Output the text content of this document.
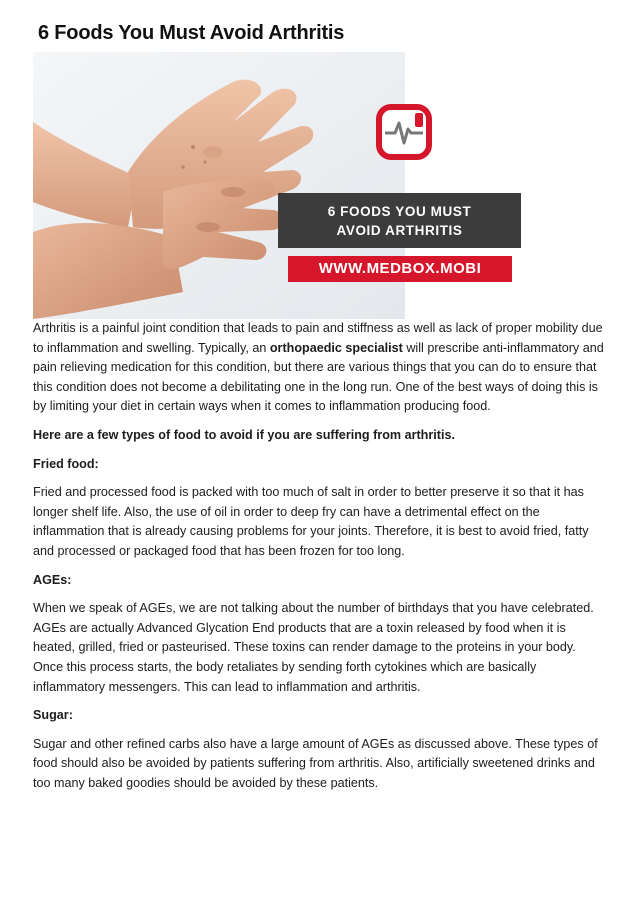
6 Foods You Must Avoid Arthritis
6 FOODS YOU MUST
AVOID ARTHRITIS
WWW.MEDBOX.MOBI

Arthritis is a painful joint condition that leads to pain and stiffness as well as lack of proper mobility due to inflammation and swelling. Typically, an orthopaedic specialist will prescribe anti-inflammatory and pain relieving medication for this condition, but there are various things that you can do to ensure that this condition does not become a debilitating one in the long run. One of the best ways of doing this is by limiting your diet in certain ways when it comes to inflammation producing food.

Here are a few types of food to avoid if you are suffering from arthritis.

Fried food:

Fried and processed food is packed with too much of salt in order to better preserve it so that it has longer shelf life. Also, the use of oil in order to deep fry can have a detrimental effect on the inflammation that is already causing problems for your joints. Therefore, it is best to avoid fried, fatty and processed or packaged food that has been frozen for too long.

AGEs:

When we speak of AGEs, we are not talking about the number of birthdays that you have celebrated. AGEs are actually Advanced Glycation End products that are a toxin released by food when it is heated, grilled, fried or pasteurised. These toxins can render damage to the proteins in your body. Once this process starts, the body retaliates by sending forth cytokines which are basically inflammatory messengers. This can lead to inflammation and arthritis.

Sugar:

Sugar and other refined carbs also have a large amount of AGEs as discussed above. These types of food should also be avoided by patients suffering from arthritis. Also, artificially sweetened drinks and too many baked goodies should be avoided by these patients.
